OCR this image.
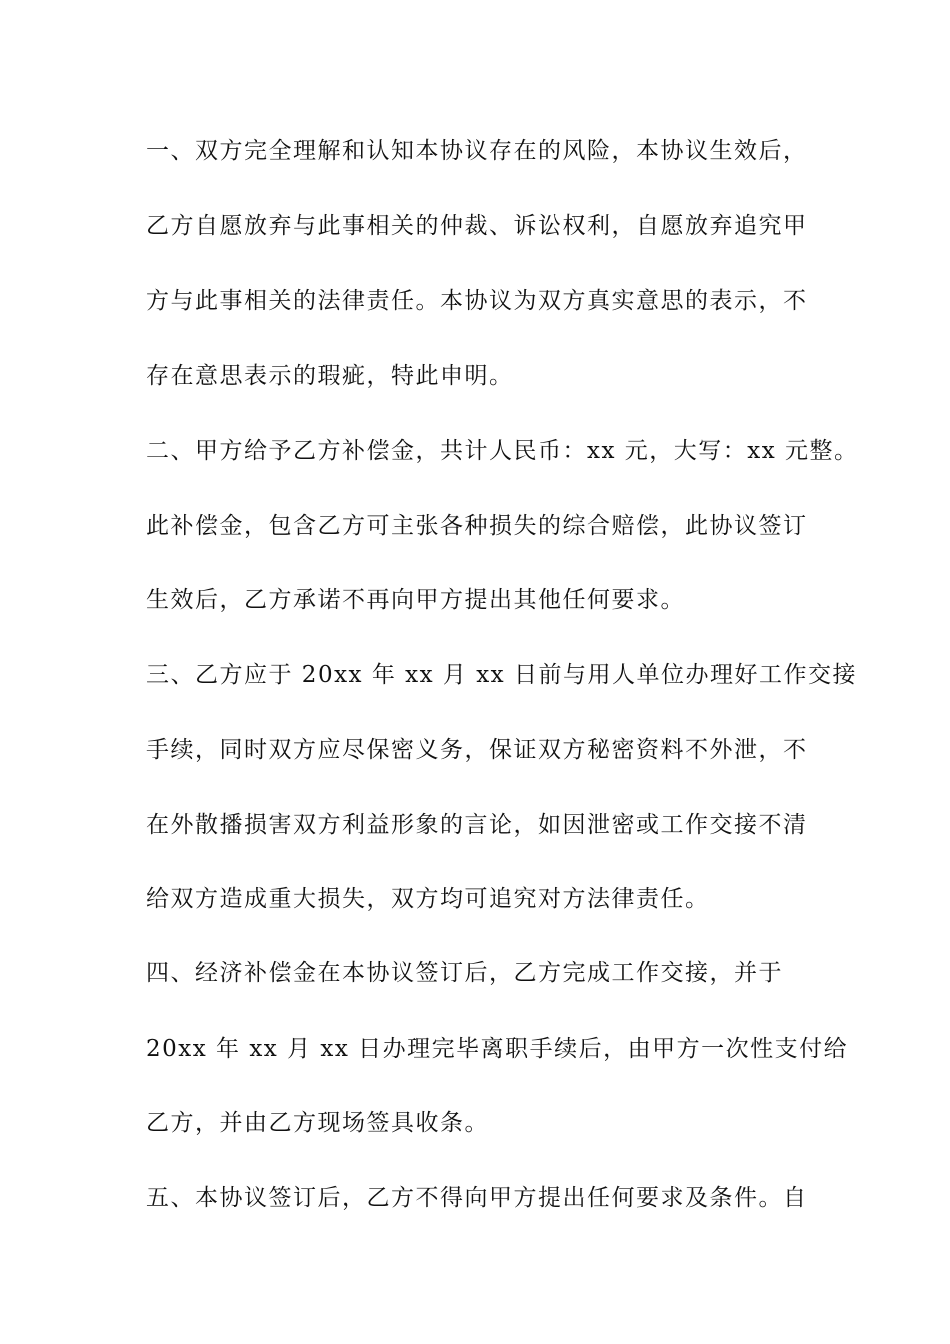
一、双方完全理解和认知本协议存在的风险，本协议生效后，
乙方自愿放弃与此事相关的仲裁、诉讼权利，自愿放弃追究甲
方与此事相关的法律责任。本协议为双方真实意思的表示，不
存在意思表示的瑕疵，特此申明。
二、甲方给予乙方补偿金，共计人民币：xx 元，大写：xx 元整。
此补偿金，包含乙方可主张各种损失的综合赔偿，此协议签订
生效后，乙方承诺不再向甲方提出其他任何要求。
三、乙方应于 20xx 年 xx 月 xx 日前与用人单位办理好工作交接
手续，同时双方应尽保密义务，保证双方秘密资料不外泄，不
在外散播损害双方利益形象的言论，如因泄密或工作交接不清
给双方造成重大损失，双方均可追究对方法律责任。
四、经济补偿金在本协议签订后，乙方完成工作交接，并于
20xx 年 xx 月 xx 日办理完毕离职手续后，由甲方一次性支付给
乙方，并由乙方现场签具收条。
五、本协议签订后，乙方不得向甲方提出任何要求及条件。自
